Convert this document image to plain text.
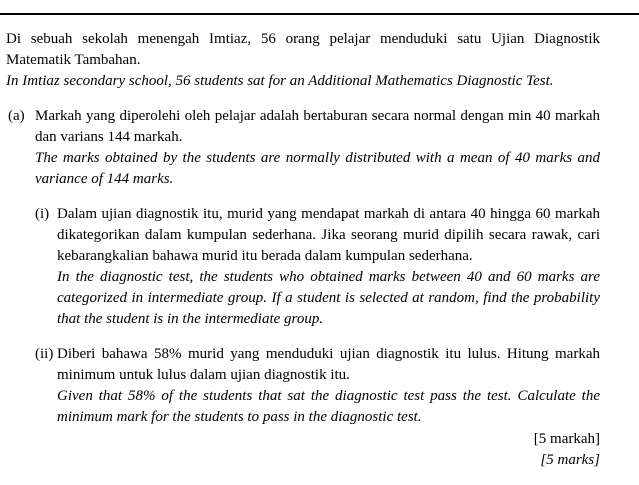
Di sebuah sekolah menengah Imtiaz, 56 orang pelajar menduduki satu Ujian Diagnostik Matematik Tambahan.

In Imtiaz secondary school, 56 students sat for an Additional Mathematics Diagnostic Test.

(a) Markah yang diperolehi oleh pelajar adalah bertaburan secara normal dengan min 40 markah dan varians 144 markah.

The marks obtained by the students are normally distributed with a mean of 40 marks and variance of 144 marks.

(i) Dalam ujian diagnostik itu, murid yang mendapat markah di antara 40 hingga 60 markah dikategorikan dalam kumpulan sederhana. Jika seorang murid dipilih secara rawak, cari kebarangkalian bahawa murid itu berada dalam kumpulan sederhana.

In the diagnostic test, the students who obtained marks between 40 and 60 marks are categorized in intermediate group. If a student is selected at random, find the probability that the student is in the intermediate group.

(ii) Diberi bahawa 58% murid yang menduduki ujian diagnostik itu lulus. Hitung markah minimum untuk lulus dalam ujian diagnostik itu.

Given that 58% of the students that sat the diagnostic test pass the test. Calculate the minimum mark for the students to pass in the diagnostic test.

[5 markah]

[5 marks]
